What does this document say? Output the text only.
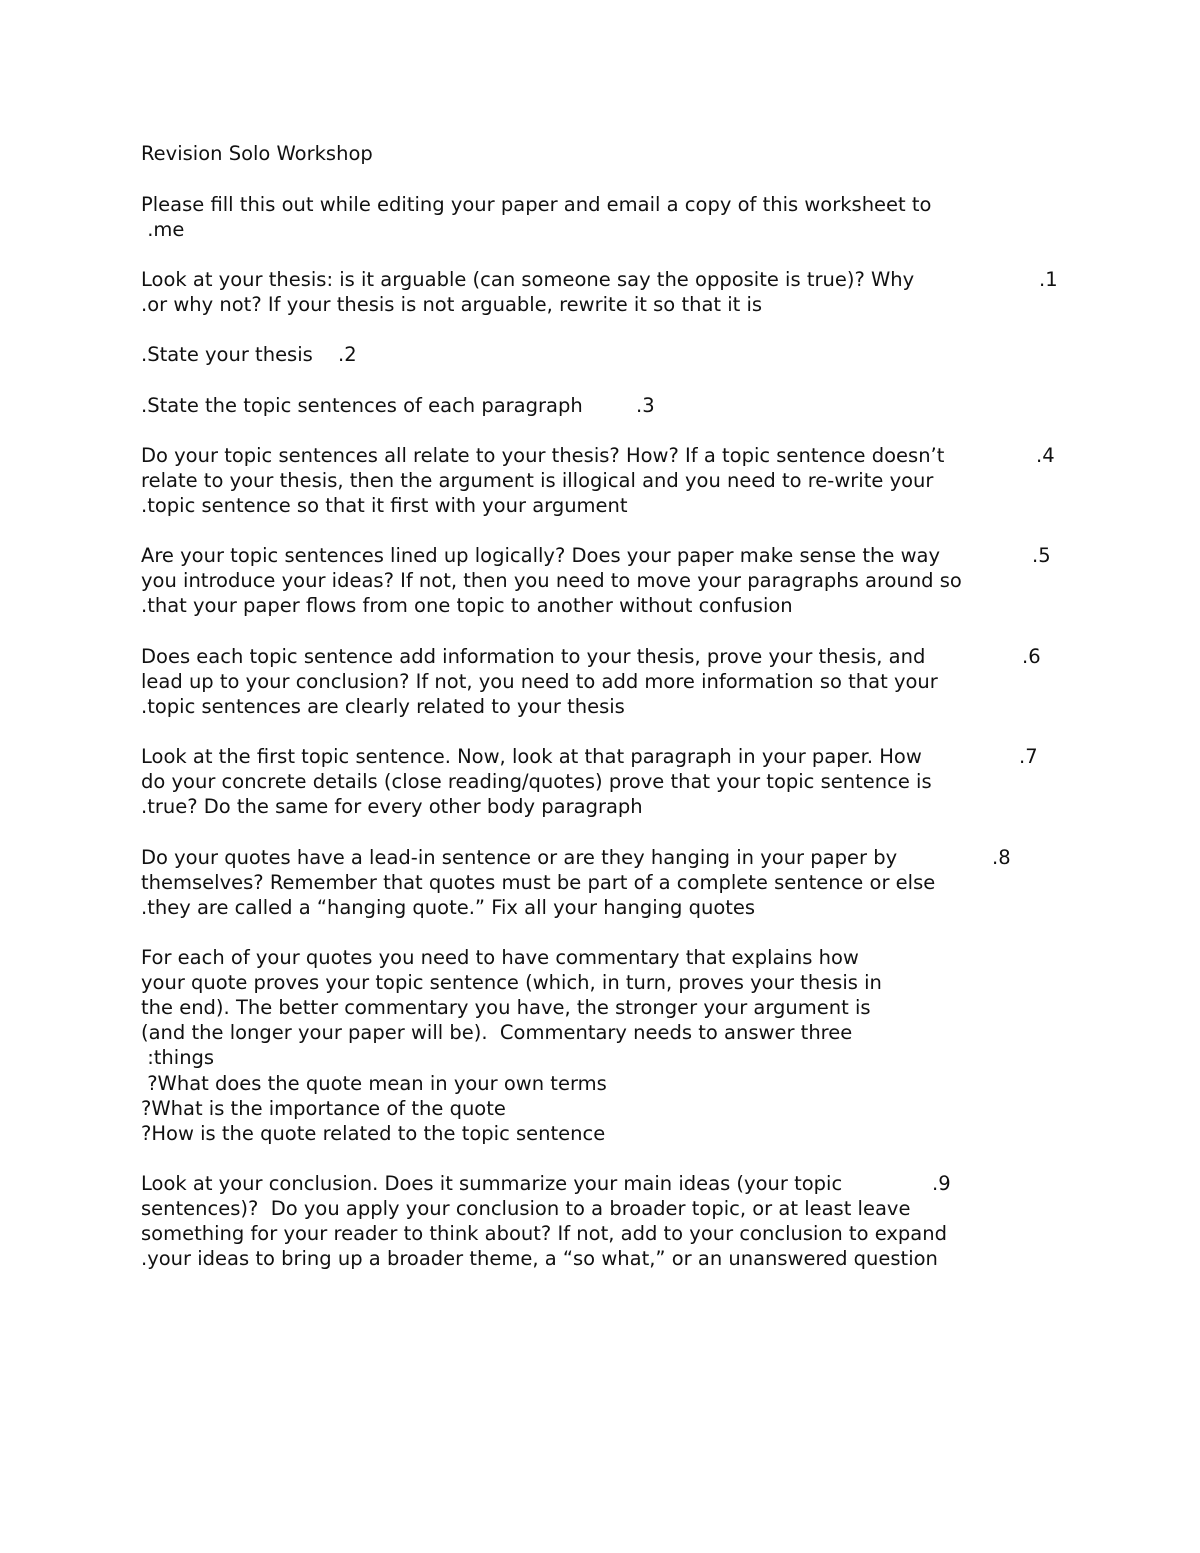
Revision Solo Workshop
Please fill this out while editing your paper and email a copy of this worksheet to
.me
Look at your thesis: is it arguable (can someone say the opposite is true)? Why	.1
.or why not? If your thesis is not arguable, rewrite it so that it is
.State your thesis .2
.State the topic sentences of each paragraph	.3
Do your topic sentences all relate to your thesis? How? If a topic sentence doesn’t	.4
relate to your thesis, then the argument is illogical and you need to re-write your
.topic sentence so that it first with your argument
Are your topic sentences lined up logically? Does your paper make sense the way	.5
you introduce your ideas? If not, then you need to move your paragraphs around so
.that your paper flows from one topic to another without confusion
Does each topic sentence add information to your thesis, prove your thesis, and	.6
lead up to your conclusion? If not, you need to add more information so that your
.topic sentences are clearly related to your thesis
Look at the first topic sentence. Now, look at that paragraph in your paper. How	.7
do your concrete details (close reading/quotes) prove that your topic sentence is
.true? Do the same for every other body paragraph
Do your quotes have a lead-in sentence or are they hanging in your paper by	.8
themselves? Remember that quotes must be part of a complete sentence or else
.they are called a “hanging quote.” Fix all your hanging quotes
For each of your quotes you need to have commentary that explains how
your quote proves your topic sentence (which, in turn, proves your thesis in
the end). The better commentary you have, the stronger your argument is
(and the longer your paper will be).  Commentary needs to answer three
:things
?What does the quote mean in your own terms
?What is the importance of the quote
?How is the quote related to the topic sentence
Look at your conclusion. Does it summarize your main ideas (your topic	.9
sentences)?  Do you apply your conclusion to a broader topic, or at least leave
something for your reader to think about? If not, add to your conclusion to expand
.your ideas to bring up a broader theme, a “so what,” or an unanswered question
